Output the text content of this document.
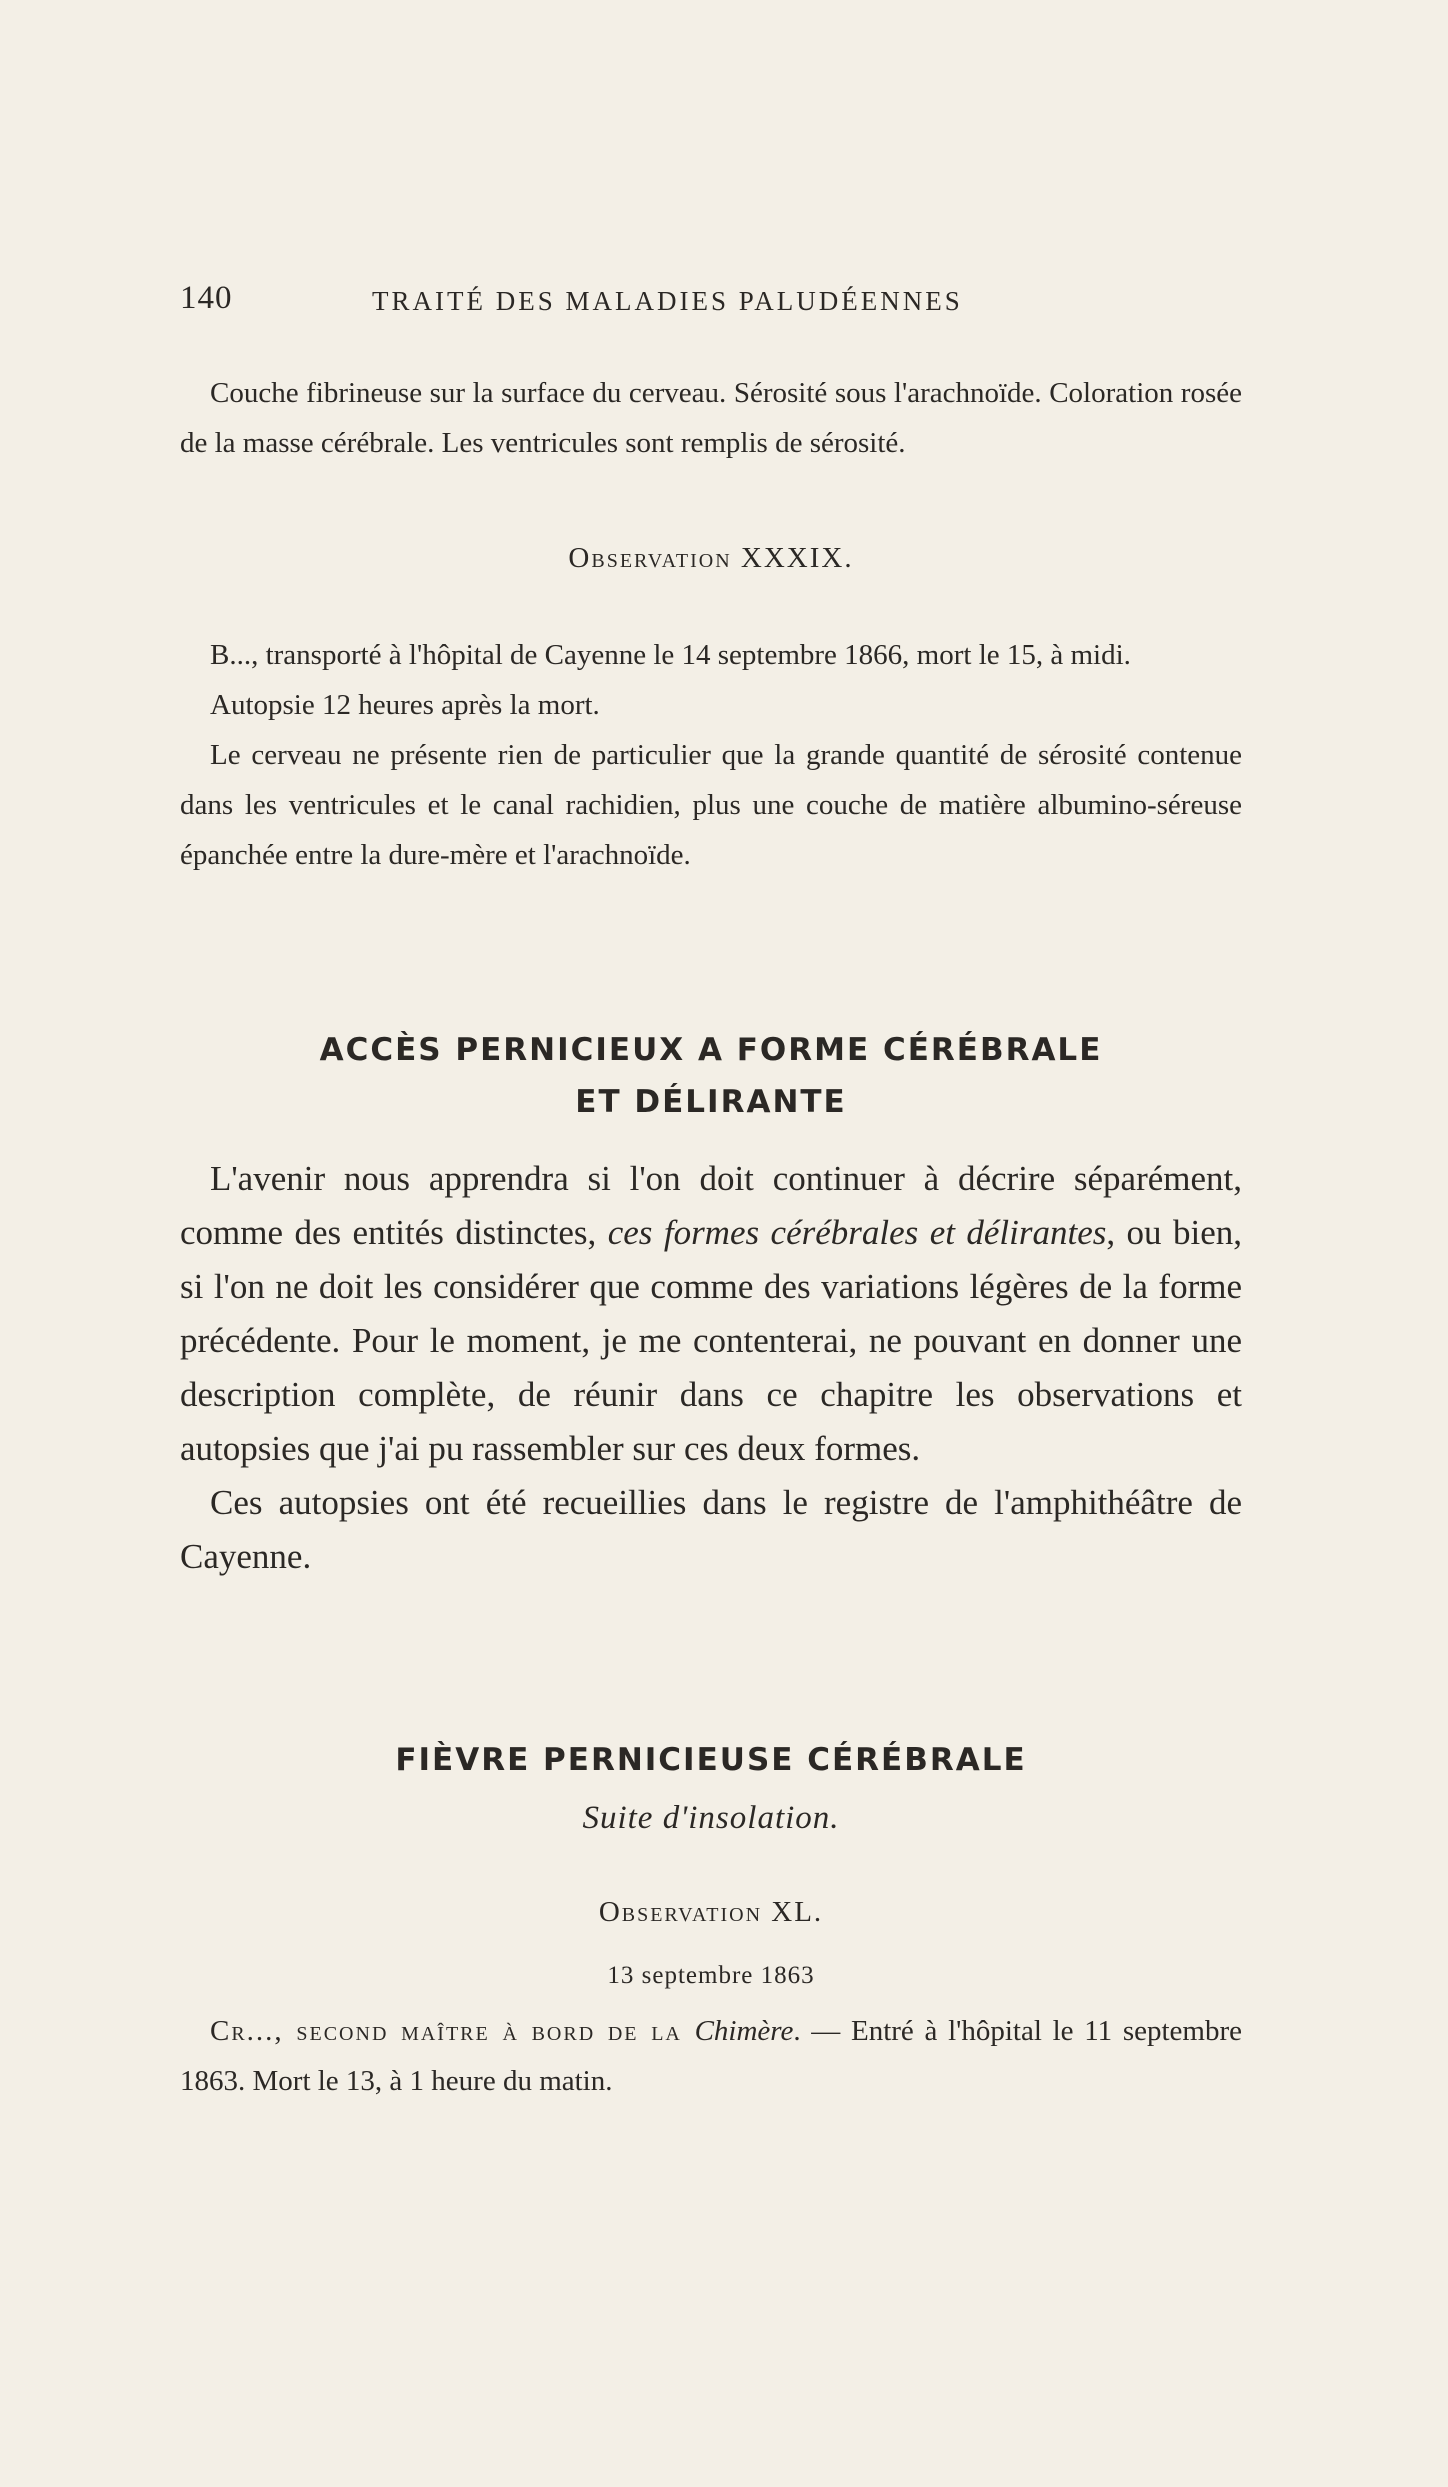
140	TRAITÉ DES MALADIES PALUDÉENNES

Couche fibrineuse sur la surface du cerveau. Sérosité sous l'arachnoïde. Coloration rosée de la masse cérébrale. Les ventricules sont remplis de sérosité.

Observation XXXIX.

B..., transporté à l'hôpital de Cayenne le 14 septembre 1866, mort le 15, à midi.

Autopsie 12 heures après la mort.

Le cerveau ne présente rien de particulier que la grande quantité de sérosité contenue dans les ventricules et le canal rachidien, plus une couche de matière albumino-séreuse épanchée entre la dure-mère et l'arachnoïde.

ACCÈS PERNICIEUX A FORME CÉRÉBRALE

ET DÉLIRANTE

L'avenir nous apprendra si l'on doit continuer à décrire séparément, comme des entités distinctes, ces formes cérébrales et délirantes, ou bien, si l'on ne doit les considérer que comme des variations légères de la forme précédente. Pour le moment, je me contenterai, ne pouvant en donner une description complète, de réunir dans ce chapitre les observations et autopsies que j'ai pu rassembler sur ces deux formes.

Ces autopsies ont été recueillies dans le registre de l'amphithéâtre de Cayenne.

FIÈVRE PERNICIEUSE CÉRÉBRALE

Suite d'insolation.
Observation XL.
13 septembre 1863

Cr..., second maître à bord de la Chimère. — Entré à l'hôpital le 11 septembre 1863. Mort le 13, à 1 heure du matin.
